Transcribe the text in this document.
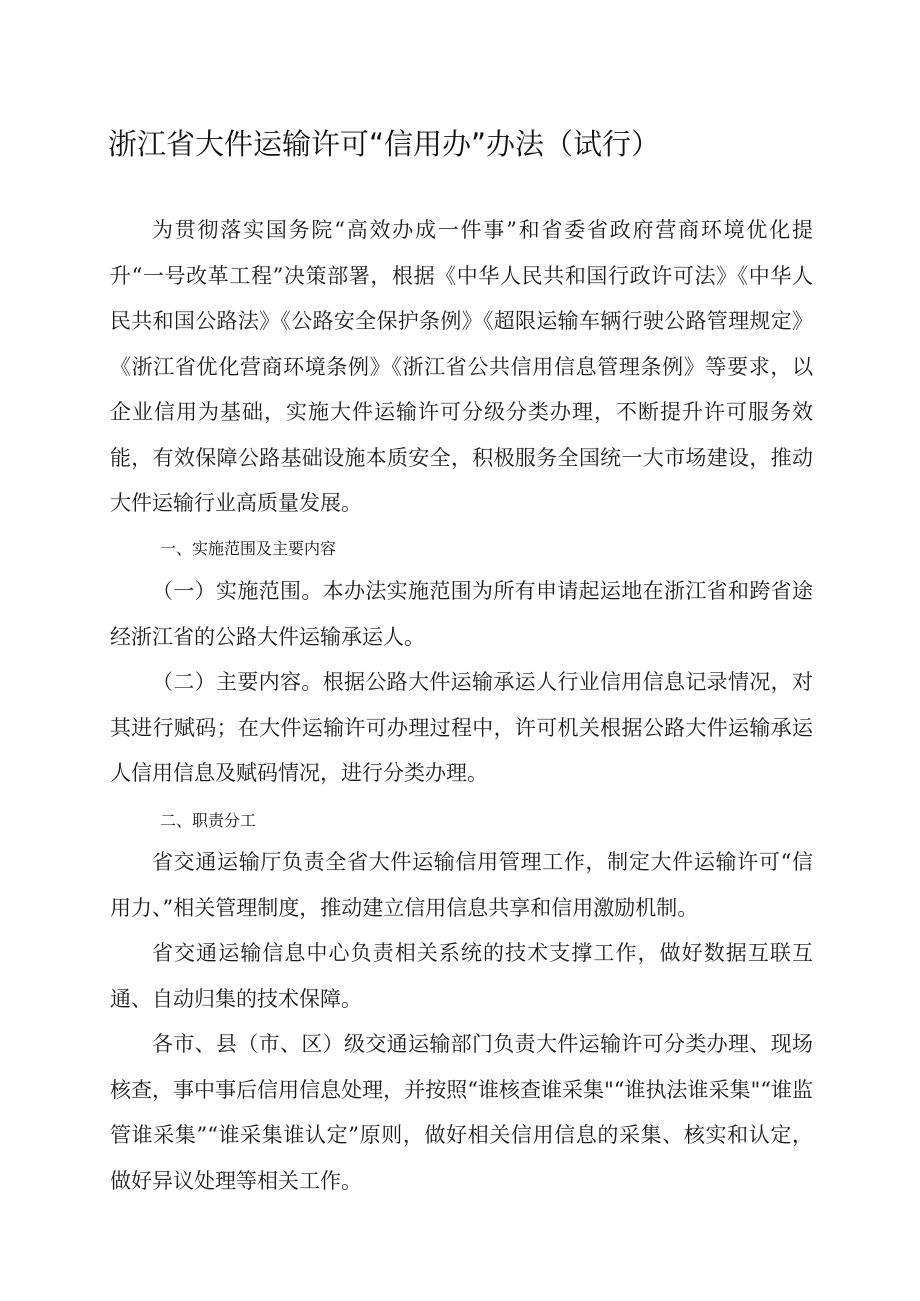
浙江省大件运输许可“信用办”办法（试行）

为贯彻落实国务院“高效办成一件事”和省委省政府营商环境优化提升“一号改革工程”决策部署，根据《中华人民共和国行政许可法》《中华人民共和国公路法》《公路安全保护条例》《超限运输车辆行驶公路管理规定》《浙江省优化营商环境条例》《浙江省公共信用信息管理条例》等要求，以企业信用为基础，实施大件运输许可分级分类办理，不断提升许可服务效能，有效保障公路基础设施本质安全，积极服务全国统一大市场建设，推动大件运输行业高质量发展。

一、实施范围及主要内容

（一）实施范围。本办法实施范围为所有申请起运地在浙江省和跨省途经浙江省的公路大件运输承运人。

（二）主要内容。根据公路大件运输承运人行业信用信息记录情况，对其进行赋码；在大件运输许可办理过程中，许可机关根据公路大件运输承运人信用信息及赋码情况，进行分类办理。

二、职责分工

省交通运输厅负责全省大件运输信用管理工作，制定大件运输许可“信用力、”相关管理制度，推动建立信用信息共享和信用激励机制。

省交通运输信息中心负责相关系统的技术支撑工作，做好数据互联互通、自动归集的技术保障。

各市、县（市、区）级交通运输部门负责大件运输许可分类办理、现场核查，事中事后信用信息处理，并按照“谁核查谁采集"“谁执法谁采集"“谁监管谁采集”“谁采集谁认定”原则，做好相关信用信息的采集、核实和认定，做好异议处理等相关工作。
